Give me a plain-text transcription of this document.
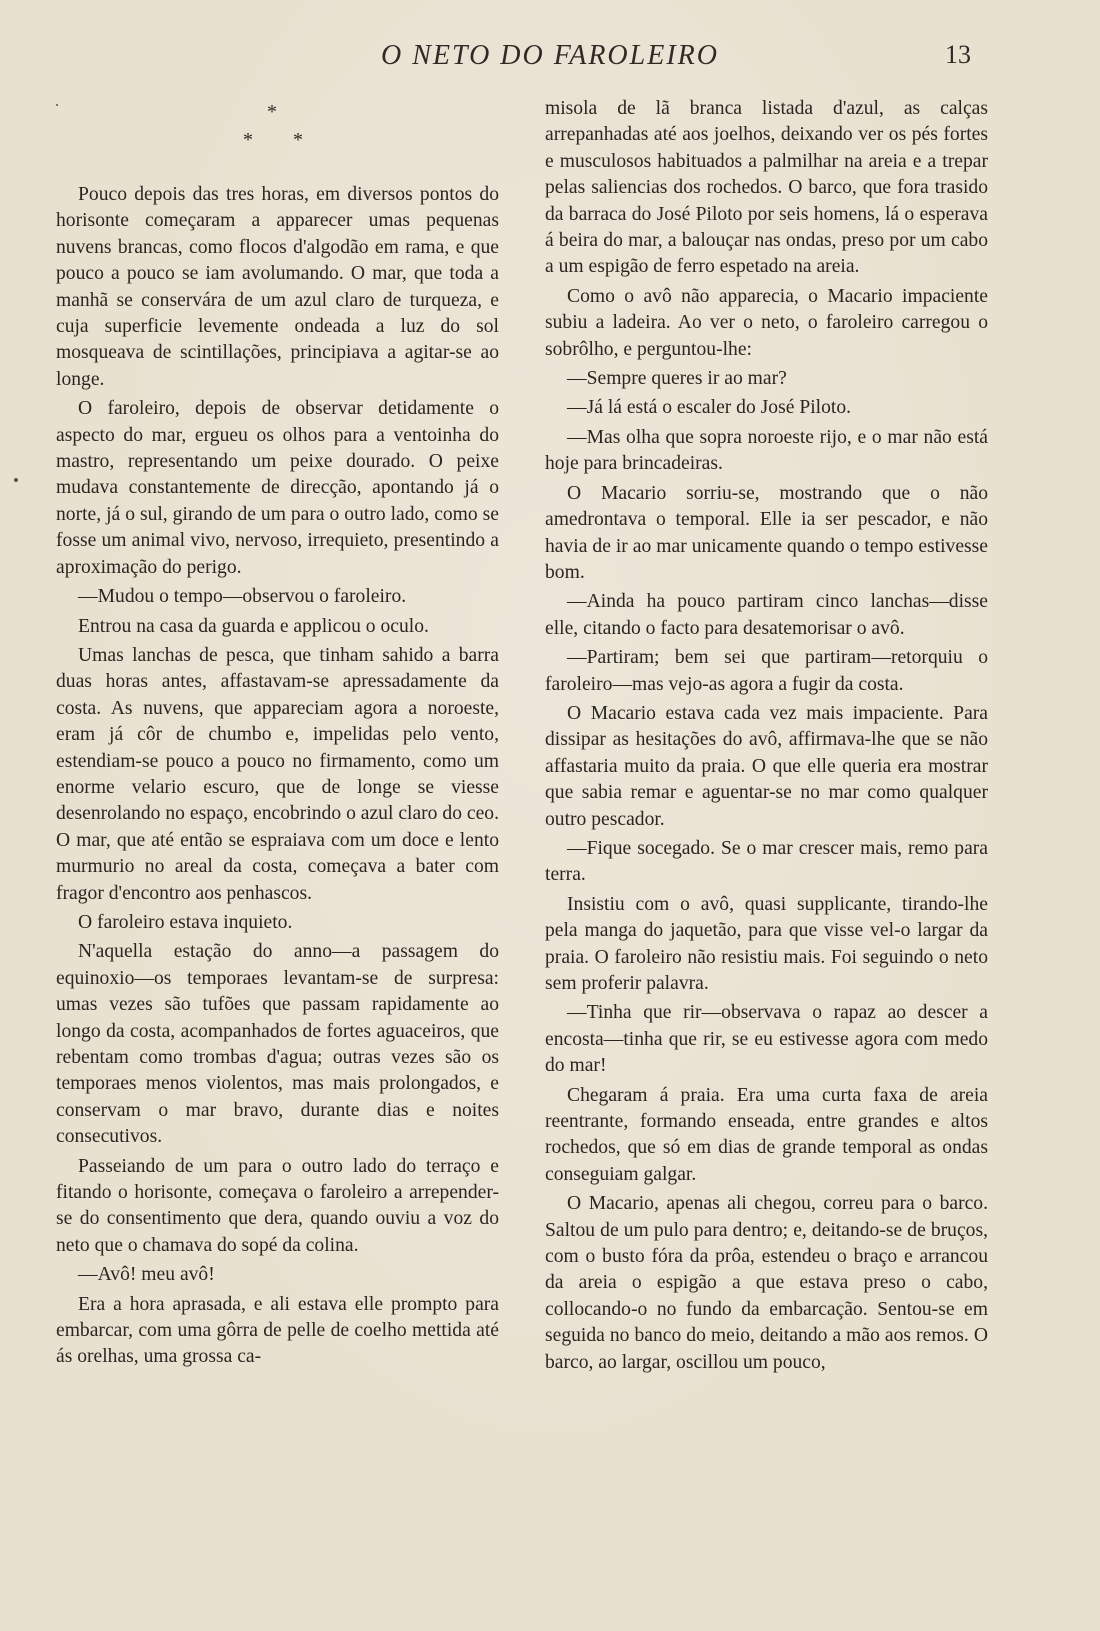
O NETO DO FAROLEIRO	13
*
* *

Pouco depois das tres horas, em diversos pontos do horisonte começaram a apparecer umas pequenas nuvens brancas, como flocos d'algodão em rama, e que pouco a pouco se iam avolumando. O mar, que toda a manhã se conservára de um azul claro de turqueza, e cuja superficie levemente ondeada a luz do sol mosqueava de scintillações, principiava a agitar-se ao longe.

O faroleiro, depois de observar detidamente o aspecto do mar, ergueu os olhos para a ventoinha do mastro, representando um peixe dourado. O peixe mudava constantemente de direcção, apontando já o norte, já o sul, girando de um para o outro lado, como se fosse um animal vivo, nervoso, irrequieto, presentindo a aproximação do perigo.

—Mudou o tempo—observou o faroleiro.

Entrou na casa da guarda e applicou o oculo.

Umas lanchas de pesca, que tinham sahido a barra duas horas antes, affastavam-se apressadamente da costa. As nuvens, que appareciam agora a noroeste, eram já côr de chumbo e, impelidas pelo vento, estendiam-se pouco a pouco no firmamento, como um enorme velario escuro, que de longe se viesse desenrolando no espaço, encobrindo o azul claro do ceo. O mar, que até então se espraiava com um doce e lento murmurio no areal da costa, começava a bater com fragor d'encontro aos penhascos.

O faroleiro estava inquieto.

N'aquella estação do anno—a passagem do equinoxio—os temporaes levantam-se de surpresa: umas vezes são tufões que passam rapidamente ao longo da costa, acompanhados de fortes aguaceiros, que rebentam como trombas d'agua; outras vezes são os temporaes menos violentos, mas mais prolongados, e conservam o mar bravo, durante dias e noites consecutivos.

Passeiando de um para o outro lado do terraço e fitando o horisonte, começava o faroleiro a arrepender-se do consentimento que dera, quando ouviu a voz do neto que o chamava do sopé da colina.

—Avô! meu avô!

Era a hora aprasada, e ali estava elle prompto para embarcar, com uma gôrra de pelle de coelho mettida até ás orelhas, uma grossa ca-

misola de lã branca listada d'azul, as calças arrepanhadas até aos joelhos, deixando ver os pés fortes e musculosos habituados a palmilhar na areia e a trepar pelas saliencias dos rochedos. O barco, que fora trasido da barraca do José Piloto por seis homens, lá o esperava á beira do mar, a balouçar nas ondas, preso por um cabo a um espigão de ferro espetado na areia.

Como o avô não apparecia, o Macario impaciente subiu a ladeira. Ao ver o neto, o faroleiro carregou o sobrôlho, e perguntou-lhe:

—Sempre queres ir ao mar?

—Já lá está o escaler do José Piloto.

—Mas olha que sopra noroeste rijo, e o mar não está hoje para brincadeiras.

O Macario sorriu-se, mostrando que o não amedrontava o temporal. Elle ia ser pescador, e não havia de ir ao mar unicamente quando o tempo estivesse bom.

—Ainda ha pouco partiram cinco lanchas—disse elle, citando o facto para desatemorisar o avô.

—Partiram; bem sei que partiram—retorquiu o faroleiro—mas vejo-as agora a fugir da costa.

O Macario estava cada vez mais impaciente. Para dissipar as hesitações do avô, affirmava-lhe que se não affastaria muito da praia. O que elle queria era mostrar que sabia remar e aguentar-se no mar como qualquer outro pescador.

—Fique socegado. Se o mar crescer mais, remo para terra.

Insistiu com o avô, quasi supplicante, tirando-lhe pela manga do jaquetão, para que visse vel-o largar da praia. O faroleiro não resistiu mais. Foi seguindo o neto sem proferir palavra.

—Tinha que rir—observava o rapaz ao descer a encosta—tinha que rir, se eu estivesse agora com medo do mar!

Chegaram á praia. Era uma curta faxa de areia reentrante, formando enseada, entre grandes e altos rochedos, que só em dias de grande temporal as ondas conseguiam galgar.

O Macario, apenas ali chegou, correu para o barco. Saltou de um pulo para dentro; e, deitando-se de bruços, com o busto fóra da prôa, estendeu o braço e arrancou da areia o espigão a que estava preso o cabo, collocando-o no fundo da embarcação. Sentou-se em seguida no banco do meio, deitando a mão aos remos. O barco, ao largar, oscillou um pouco,
